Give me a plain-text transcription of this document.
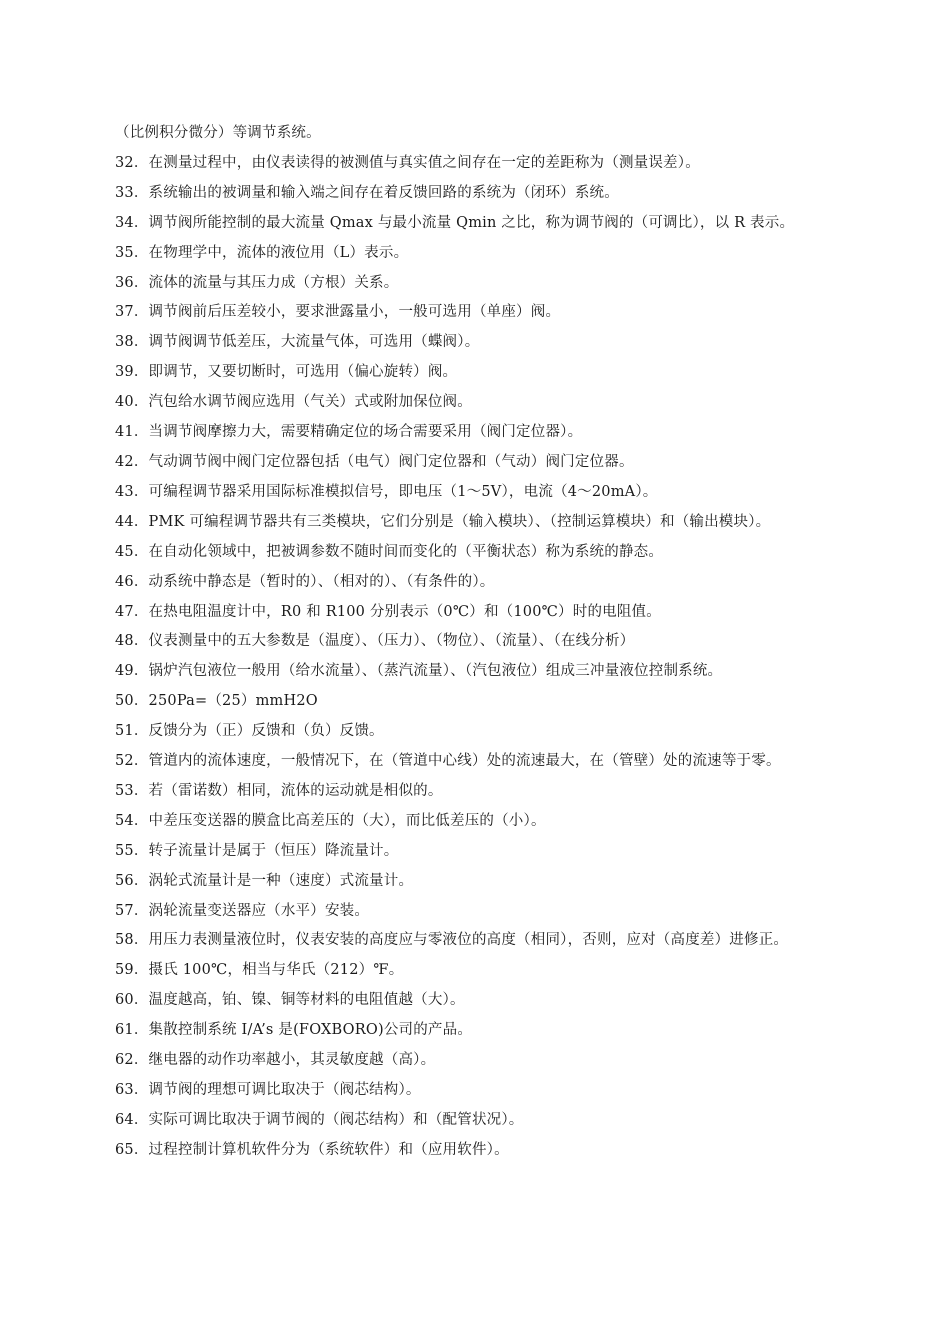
（比例积分微分）等调节系统。
32．在测量过程中，由仪表读得的被测值与真实值之间存在一定的差距称为（测量误差）。
33．系统输出的被调量和输入端之间存在着反馈回路的系统为（闭环）系统。
34．调节阀所能控制的最大流量 Qmax 与最小流量 Qmin 之比，称为调节阀的（可调比），以 R 表示。
35．在物理学中，流体的液位用（L）表示。
36．流体的流量与其压力成（方根）关系。
37．调节阀前后压差较小，要求泄露量小，一般可选用（单座）阀。
38．调节阀调节低差压，大流量气体，可选用（蝶阀）。
39．即调节，又要切断时，可选用（偏心旋转）阀。
40．汽包给水调节阀应选用（气关）式或附加保位阀。
41．当调节阀摩擦力大，需要精确定位的场合需要采用（阀门定位器）。
42．气动调节阀中阀门定位器包括（电气）阀门定位器和（气动）阀门定位器。
43．可编程调节器采用国际标准模拟信号，即电压（1～5V），电流（4～20mA）。
44．PMK 可编程调节器共有三类模块，它们分别是（输入模块）、（控制运算模块）和（输出模块）。
45．在自动化领域中，把被调参数不随时间而变化的（平衡状态）称为系统的静态。
46．动系统中静态是（暂时的）、（相对的）、（有条件的）。
47．在热电阻温度计中，R0 和 R100 分别表示（0℃）和（100℃）时的电阻值。
48．仪表测量中的五大参数是（温度）、（压力）、（物位）、（流量）、（在线分析）
49．锅炉汽包液位一般用（给水流量）、（蒸汽流量）、（汽包液位）组成三冲量液位控制系统。
50．250Pa=（25）mmH2O
51．反馈分为（正）反馈和（负）反馈。
52．管道内的流体速度，一般情况下，在（管道中心线）处的流速最大，在（管壁）处的流速等于零。
53．若（雷诺数）相同，流体的运动就是相似的。
54．中差压变送器的膜盒比高差压的（大），而比低差压的（小）。
55．转子流量计是属于（恒压）降流量计。
56．涡轮式流量计是一种（速度）式流量计。
57．涡轮流量变送器应（水平）安装。
58．用压力表测量液位时，仪表安装的高度应与零液位的高度（相同），否则，应对（高度差）进修正。
59．摄氏 100℃，相当与华氏（212）℉。
60．温度越高，铂、镍、铜等材料的电阻值越（大）。
61．集散控制系统 I/A’s 是(FOXBORO)公司的产品。
62．继电器的动作功率越小，其灵敏度越（高）。
63．调节阀的理想可调比取决于（阀芯结构）。
64．实际可调比取决于调节阀的（阀芯结构）和（配管状况）。
65．过程控制计算机软件分为（系统软件）和（应用软件）。
